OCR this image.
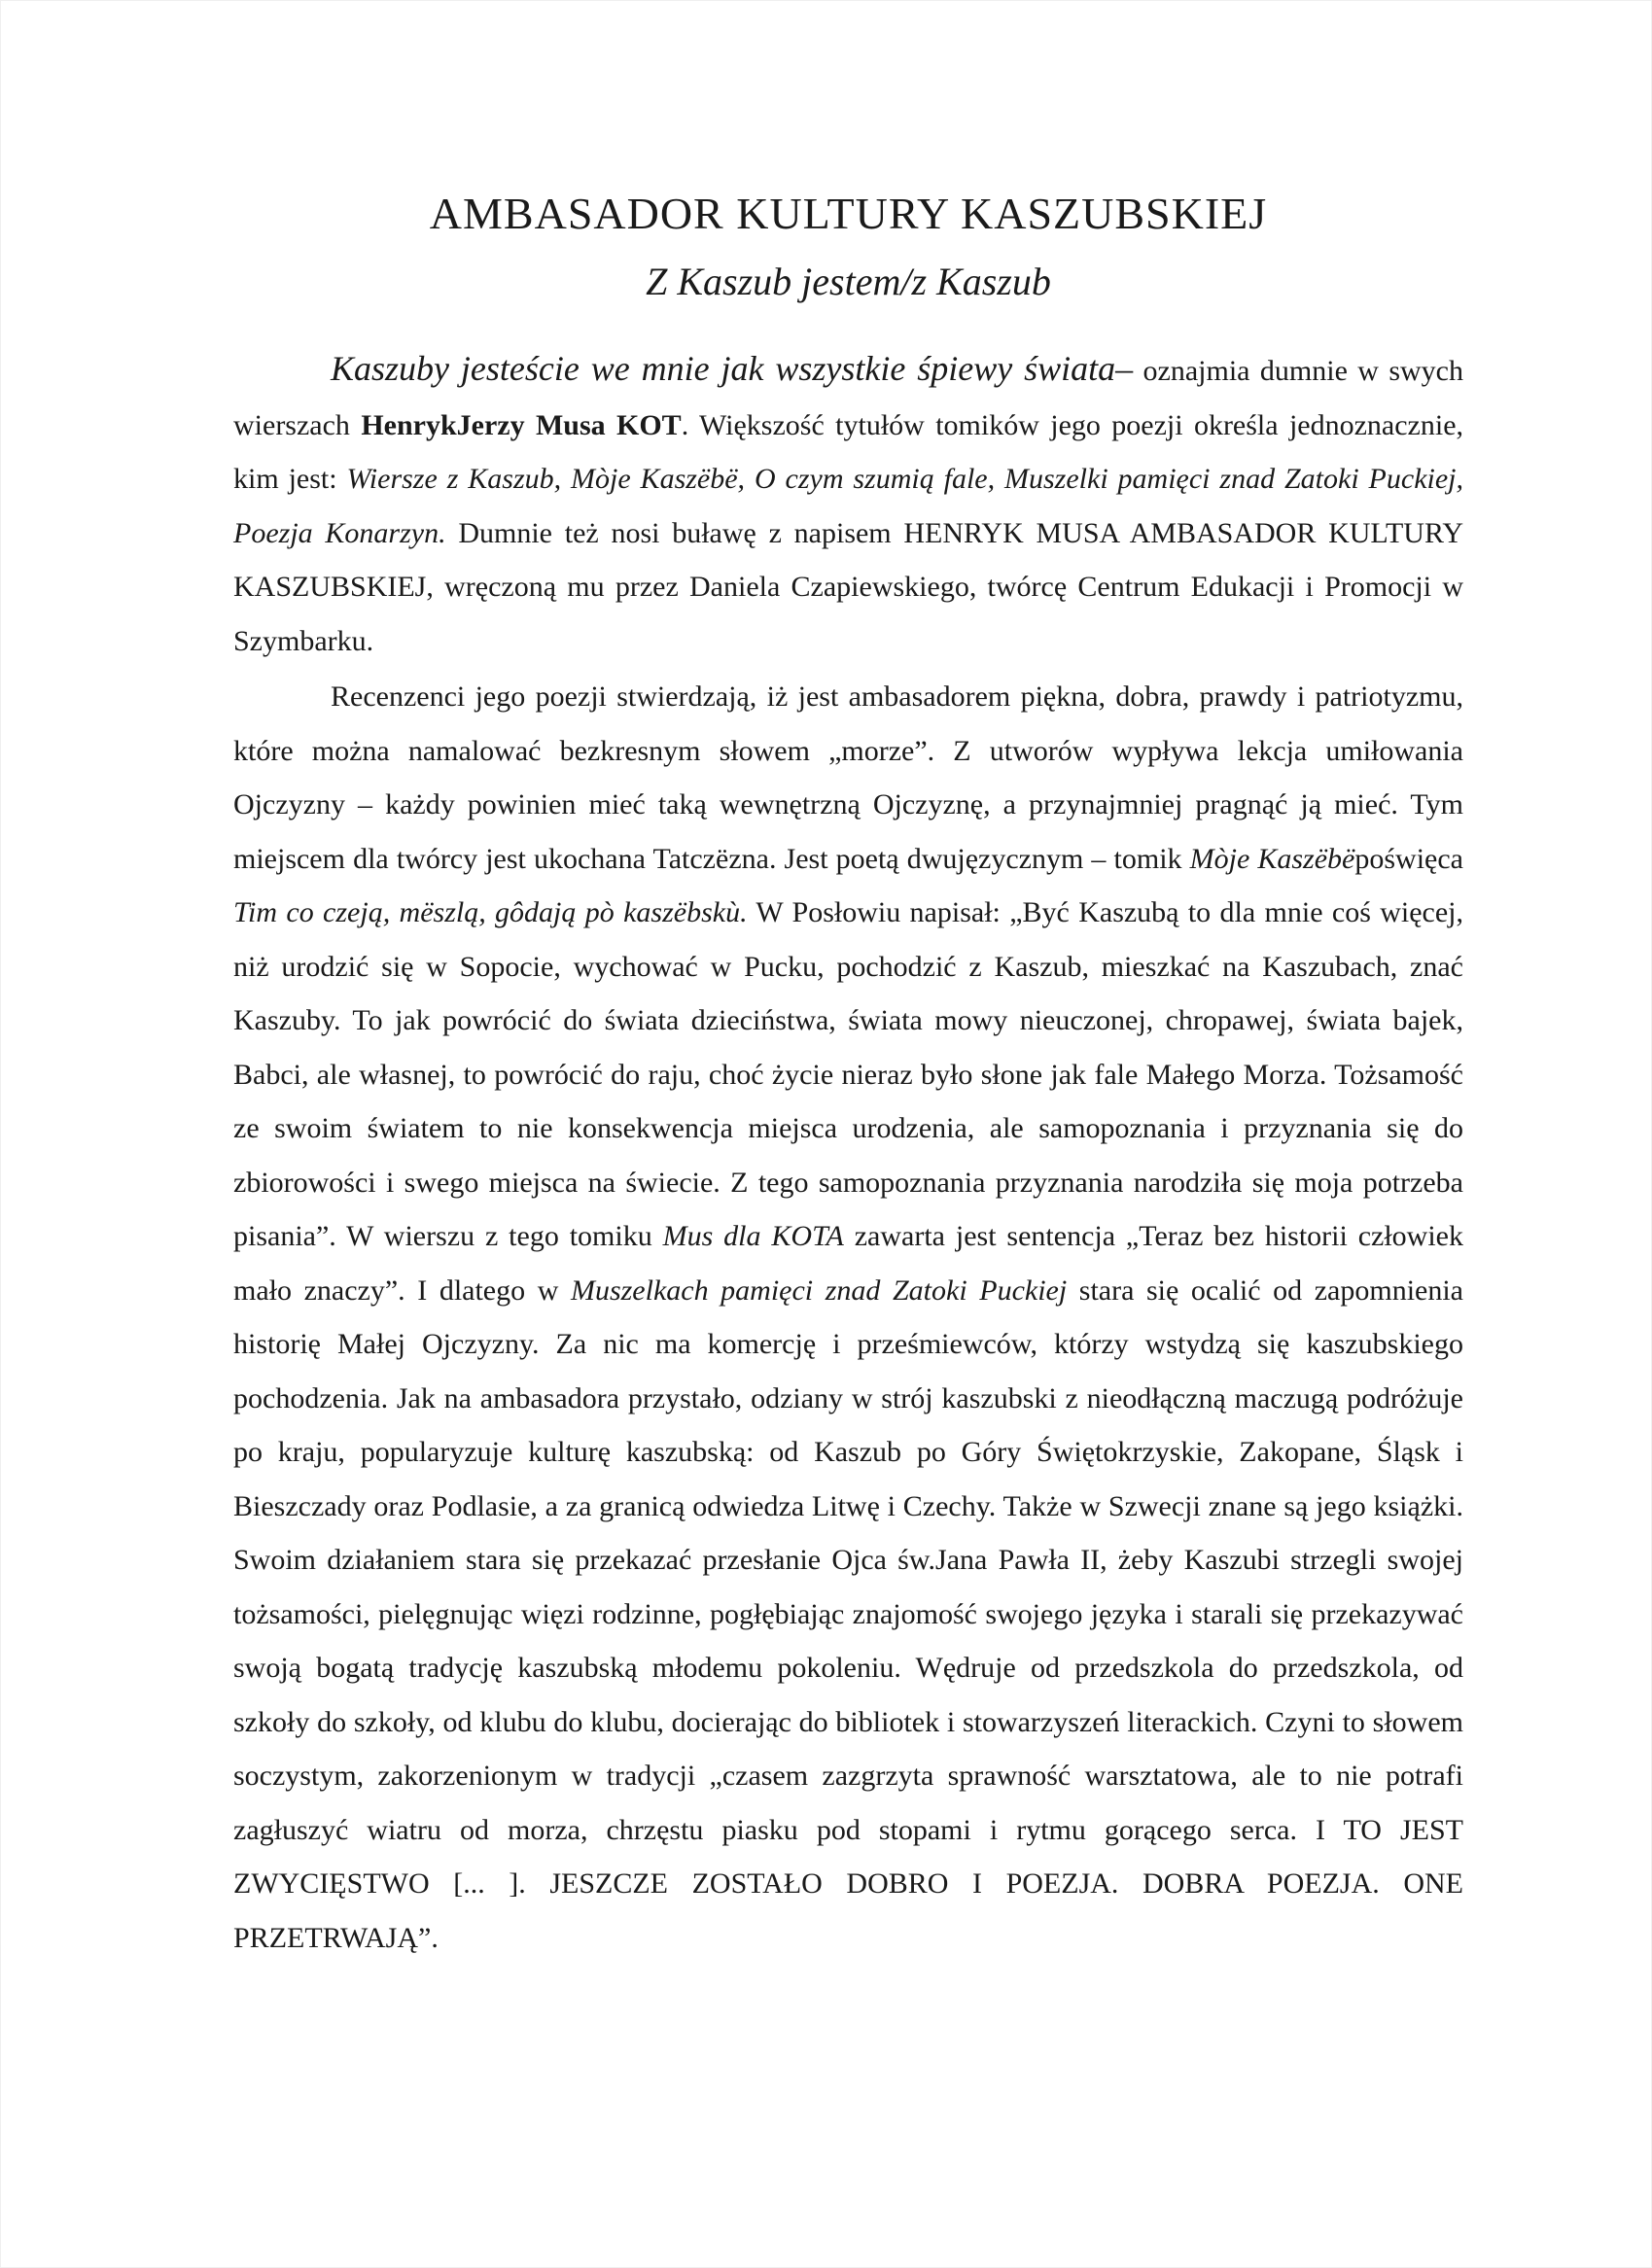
AMBASADOR KULTURY KASZUBSKIEJ
Z Kaszub jestem/z Kaszub

Kaszuby jesteście we mnie jak wszystkie śpiewy świata– oznajmia dumnie w swych wierszach HenrykJerzy Musa KOT. Większość tytułów tomików jego poezji określa jednoznacznie, kim jest: Wiersze z Kaszub, Mòje Kaszëbë, O czym szumią fale, Muszelki pamięci znad Zatoki Puckiej, Poezja Konarzyn. Dumnie też nosi buławę z napisem HENRYK MUSA AMBASADOR KULTURY KASZUBSKIEJ, wręczoną mu przez Daniela Czapiewskiego, twórcę Centrum Edukacji i Promocji w Szymbarku.

Recenzenci jego poezji stwierdzają, iż jest ambasadorem piękna, dobra, prawdy i patriotyzmu, które można namalować bezkresnym słowem „morze”. Z utworów wypływa lekcja umiłowania Ojczyzny – każdy powinien mieć taką wewnętrzną Ojczyznę, a przynajmniej pragnąć ją mieć. Tym miejscem dla twórcy jest ukochana Tatczëzna. Jest poetą dwujęzycznym – tomik Mòje Kaszëbëpoświęca Tim co czeją, mëszlą, gôdają pò kaszëbskù. W Posłowiu napisał: „Być Kaszubą to dla mnie coś więcej, niż urodzić się w Sopocie, wychować w Pucku, pochodzić z Kaszub, mieszkać na Kaszubach, znać Kaszuby. To jak powrócić do świata dzieciństwa, świata mowy nieuczonej, chropawej, świata bajek, Babci, ale własnej, to powrócić do raju, choć życie nieraz było słone jak fale Małego Morza. Tożsamość ze swoim światem to nie konsekwencja miejsca urodzenia, ale samopoznania i przyznania się do zbiorowości i swego miejsca na świecie. Z tego samopoznania przyznania narodziła się moja potrzeba pisania”. W wierszu z tego tomiku Mus dla KOTA zawarta jest sentencja „Teraz bez historii człowiek mało znaczy”. I dlatego w Muszelkach pamięci znad Zatoki Puckiej stara się ocalić od zapomnienia historię Małej Ojczyzny. Za nic ma komercję i prześmiewców, którzy wstydzą się kaszubskiego pochodzenia. Jak na ambasadora przystało, odziany w strój kaszubski z nieodłączną maczugą podróżuje po kraju, popularyzuje kulturę kaszubską: od Kaszub po Góry Świętokrzyskie, Zakopane, Śląsk i Bieszczady oraz Podlasie, a za granicą odwiedza Litwę i Czechy. Także w Szwecji znane są jego książki. Swoim działaniem stara się przekazać przesłanie Ojca św.Jana Pawła II, żeby Kaszubi strzegli swojej tożsamości, pielęgnując więzi rodzinne, pogłębiając znajomość swojego języka i starali się przekazywać swoją bogatą tradycję kaszubską młodemu pokoleniu. Wędruje od przedszkola do przedszkola, od szkoły do szkoły, od klubu do klubu, docierając do bibliotek i stowarzyszeń literackich. Czyni to słowem soczystym, zakorzenionym w tradycji „czasem zazgrzyta sprawność warsztatowa, ale to nie potrafi zagłuszyć wiatru od morza, chrzęstu piasku pod stopami i rytmu gorącego serca. I TO JEST ZWYCIĘSTWO [... ]. JESZCZE ZOSTAŁO DOBRO I POEZJA. DOBRA POEZJA. ONE PRZETRWAJĄ”.
